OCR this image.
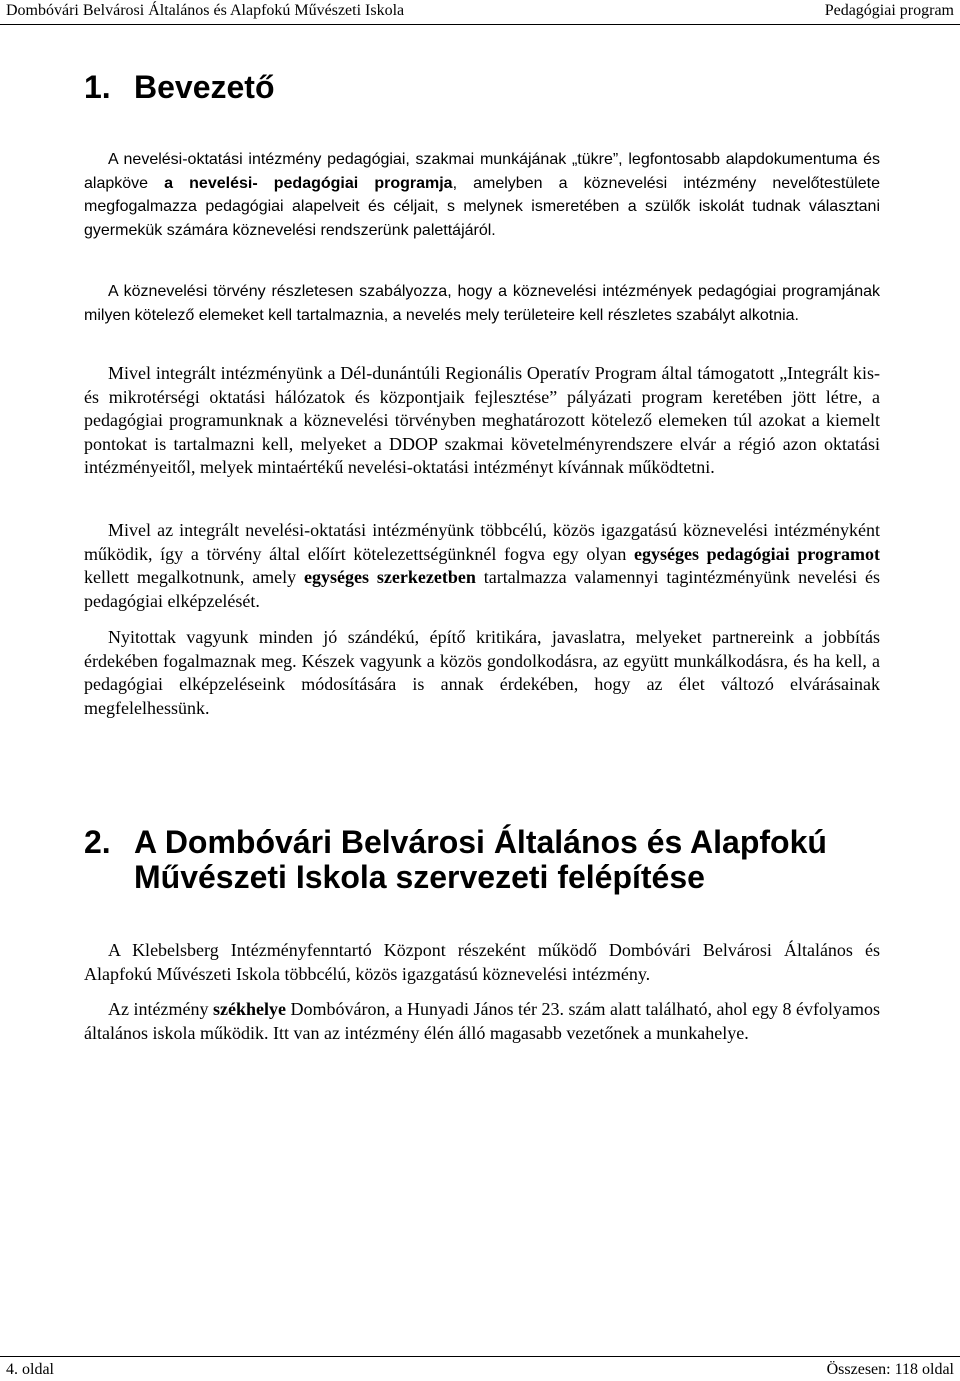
Dombóvári Belvárosi Általános és Alapfokú Művészeti Iskola	Pedagógiai program
1. Bevezető
A nevelési-oktatási intézmény pedagógiai, szakmai munkájának „tükre”, legfontosabb alapdokumentuma és alapköve a nevelési- pedagógiai programja, amelyben a köznevelési intézmény nevelőtestülete megfogalmazza pedagógiai alapelveit és céljait, s melynek ismeretében a szülők iskolát tudnak választani gyermekük számára köznevelési rendszerünk palettájáról.
A köznevelési törvény részletesen szabályozza, hogy a köznevelési intézmények pedagógiai programjának milyen kötelező elemeket kell tartalmaznia, a nevelés mely területeire kell részletes szabályt alkotnia.
Mivel integrált intézményünk a Dél-dunántúli Regionális Operatív Program által támogatott „Integrált kis- és mikrotérségi oktatási hálózatok és központjaik fejlesztése” pályázati program keretében jött létre, a pedagógiai programunknak a köznevelési törvényben meghatározott kötelező elemeken túl azokat a kiemelt pontokat is tartalmazni kell, melyeket a DDOP szakmai követelményrendszere elvár a régió azon oktatási intézményeitől, melyek mintaértékű nevelési-oktatási intézményt kívánnak működtetni.
Mivel az integrált nevelési-oktatási intézményünk többcélú, közös igazgatású köznevelési intézményként működik, így a törvény által előírt kötelezettségünknél fogva egy olyan egységes pedagógiai programot kellett megalkotnunk, amely egységes szerkezetben tartalmazza valamennyi tagintézményünk nevelési és pedagógiai elképzelését.
Nyitottak vagyunk minden jó szándékú, építő kritikára, javaslatra, melyeket partnereink a jobbítás érdekében fogalmaznak meg. Készek vagyunk a közös gondolkodásra, az együtt munkálkodásra, és ha kell, a pedagógiai elképzeléseink módosítására is annak érdekében, hogy az élet változó elvárásainak megfelelhessünk.
2. A Dombóvári Belvárosi Általános és Alapfokú
Művészeti Iskola szervezeti felépítése
A Klebelsberg Intézményfenntartó Központ részeként működő Dombóvári Belvárosi Általános és Alapfokú Művészeti Iskola többcélú, közös igazgatású köznevelési intézmény.
Az intézmény székhelye Dombóváron, a Hunyadi János tér 23. szám alatt található, ahol egy 8 évfolyamos általános iskola működik. Itt van az intézmény élén álló magasabb vezetőnek a munkahelye.
4. oldal	Összesen: 118 oldal
